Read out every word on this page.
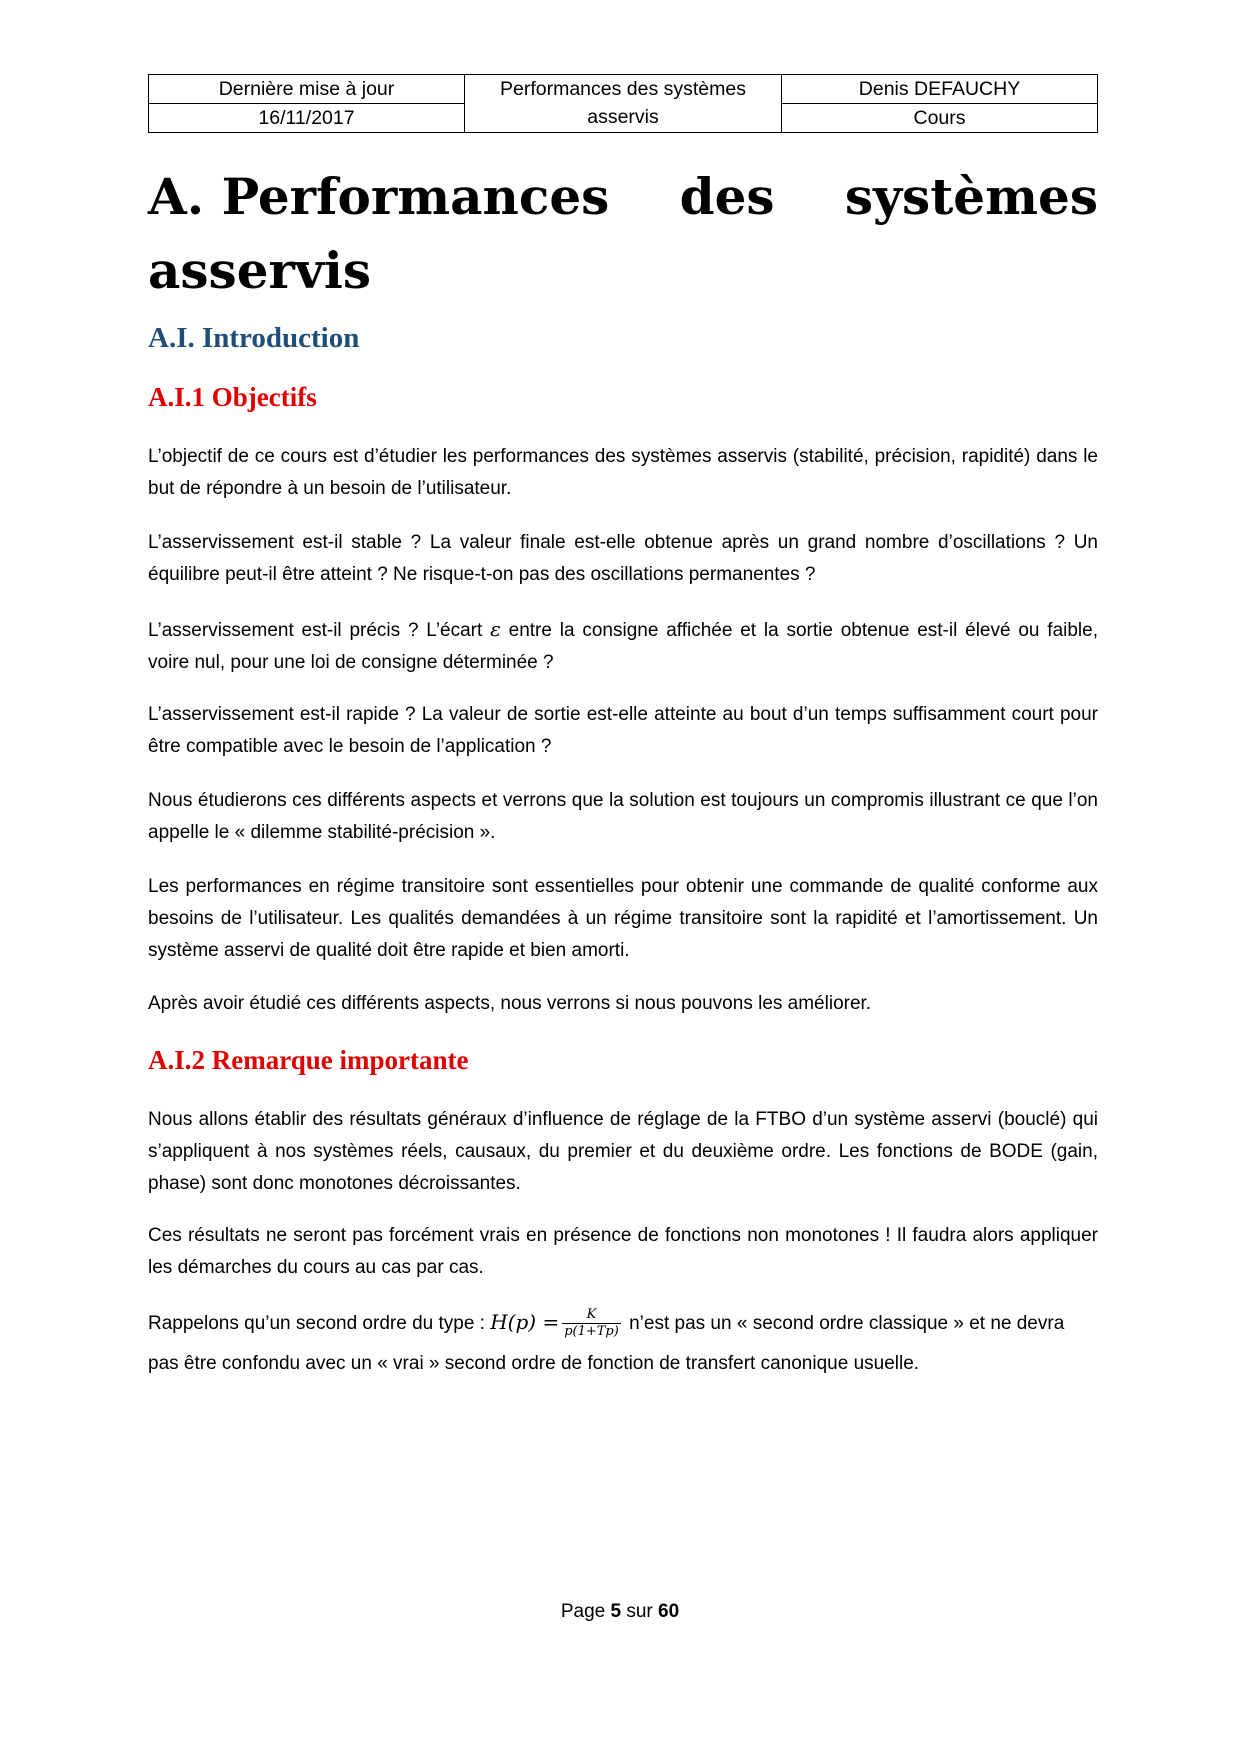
Dernière mise à jour
16/11/2017
Performances des systèmes
asservis
Denis DEFAUCHY
Cours
A. Performances des systèmes
asservis
A.I. Introduction
A.I.1 Objectifs

L’objectif de ce cours est d’étudier les performances des systèmes asservis (stabilité, précision, rapidité) dans le but de répondre à un besoin de l’utilisateur.

L’asservissement est-il stable ? La valeur finale est-elle obtenue après un grand nombre d’oscillations ? Un équilibre peut-il être atteint ? Ne risque-t-on pas des oscillations permanentes ?

L’asservissement est-il précis ? L’écart ε entre la consigne affichée et la sortie obtenue est-il élevé ou faible, voire nul, pour une loi de consigne déterminée ?

L’asservissement est-il rapide ? La valeur de sortie est-elle atteinte au bout d’un temps suffisamment court pour être compatible avec le besoin de l’application ?

Nous étudierons ces différents aspects et verrons que la solution est toujours un compromis illustrant ce que l’on appelle le « dilemme stabilité-précision ».

Les performances en régime transitoire sont essentielles pour obtenir une commande de qualité conforme aux besoins de l’utilisateur. Les qualités demandées à un régime transitoire sont la rapidité et l’amortissement. Un système asservi de qualité doit être rapide et bien amorti.

Après avoir étudié ces différents aspects, nous verrons si nous pouvons les améliorer.

A.I.2 Remarque importante

Nous allons établir des résultats généraux d’influence de réglage de la FTBO d’un système asservi (bouclé) qui s’appliquent à nos systèmes réels, causaux, du premier et du deuxième ordre. Les fonctions de BODE (gain, phase) sont donc monotones décroissantes.

Ces résultats ne seront pas forcément vrais en présence de fonctions non monotones ! Il faudra alors appliquer les démarches du cours au cas par cas.

Rappelons qu’un second ordre du type : $H(p) = \frac{K}{p(1+Tp)}$ n’est pas un « second ordre classique » et ne devra pas être confondu avec un « vrai » second ordre de fonction de transfert canonique usuelle.

Page 5 sur 60
